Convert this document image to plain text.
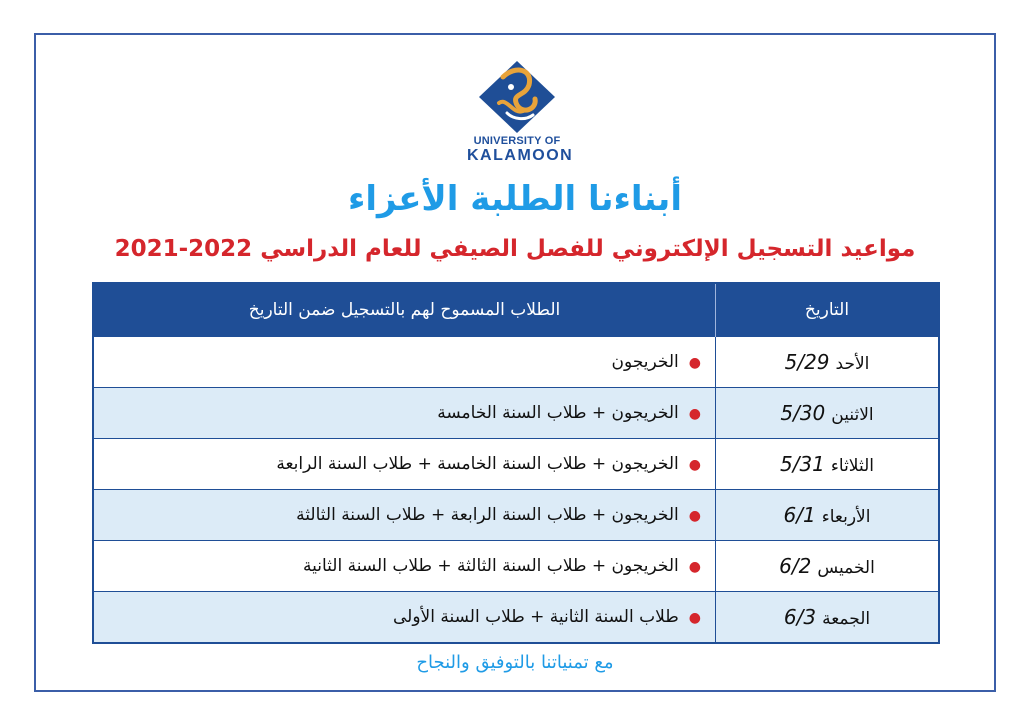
UNIVERSITY OF
KALAMOON
أبناءنا الطلبة الأعزاء
مواعيد التسجيل الإلكتروني للفصل الصيفي للعام الدراسي 2022-2021
التاريخ	الطلاب المسموح لهم بالتسجيل ضمن التاريخ
الأحد5/29	●الخريجون
الاثنين5/30	●الخريجون + طلاب السنة الخامسة
الثلاثاء5/31	●الخريجون + طلاب السنة الخامسة + طلاب السنة الرابعة
الأربعاء6/1	●الخريجون + طلاب السنة الرابعة + طلاب السنة الثالثة
الخميس6/2	●الخريجون + طلاب السنة الثالثة + طلاب السنة الثانية
الجمعة6/3	●طلاب السنة الثانية + طلاب السنة الأولى
مع تمنياتنا بالتوفيق والنجاح
